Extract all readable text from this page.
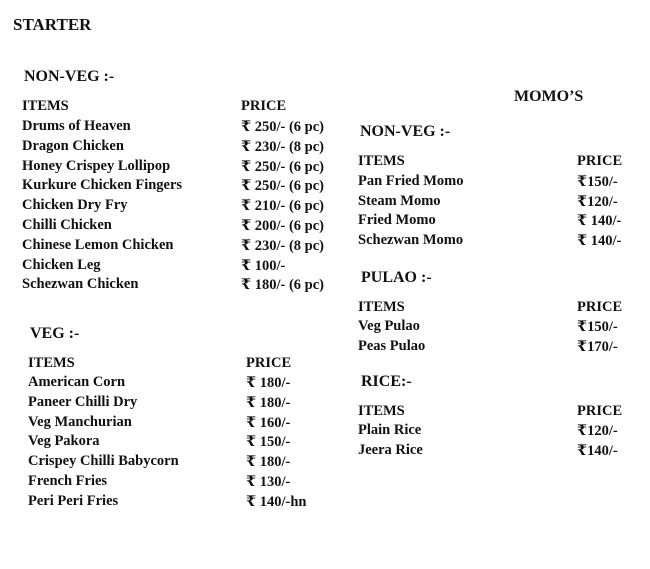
STARTER
NON-VEG :-
ITEMS	PRICE
Drums of Heaven	₹ 250/- (6 pc)
Dragon Chicken	₹ 230/- (8 pc)
Honey Crispey Lollipop	₹ 250/- (6 pc)
Kurkure Chicken Fingers	₹ 250/- (6 pc)
Chicken Dry Fry	₹ 210/- (6 pc)
Chilli Chicken	₹ 200/- (6 pc)
Chinese Lemon Chicken	₹ 230/- (8 pc)
Chicken Leg	₹ 100/-
Schezwan Chicken	₹ 180/- (6 pc)
VEG :-
ITEMS	PRICE
American Corn	₹ 180/-
Paneer Chilli Dry	₹ 180/-
Veg Manchurian	₹ 160/-
Veg Pakora	₹ 150/-
Crispey Chilli Babycorn	₹ 180/-
French Fries	₹ 130/-
Peri Peri Fries	₹ 140/-hn
MOMO’S
NON-VEG :-
ITEMS	PRICE
Pan Fried Momo	₹150/-
Steam Momo	₹120/-
Fried Momo	₹ 140/-
Schezwan Momo	₹ 140/-
PULAO :-
ITEMS	PRICE
Veg Pulao	₹150/-
Peas Pulao	₹170/-
RICE:-
ITEMS	PRICE
Plain Rice	₹120/-
Jeera Rice	₹140/-
